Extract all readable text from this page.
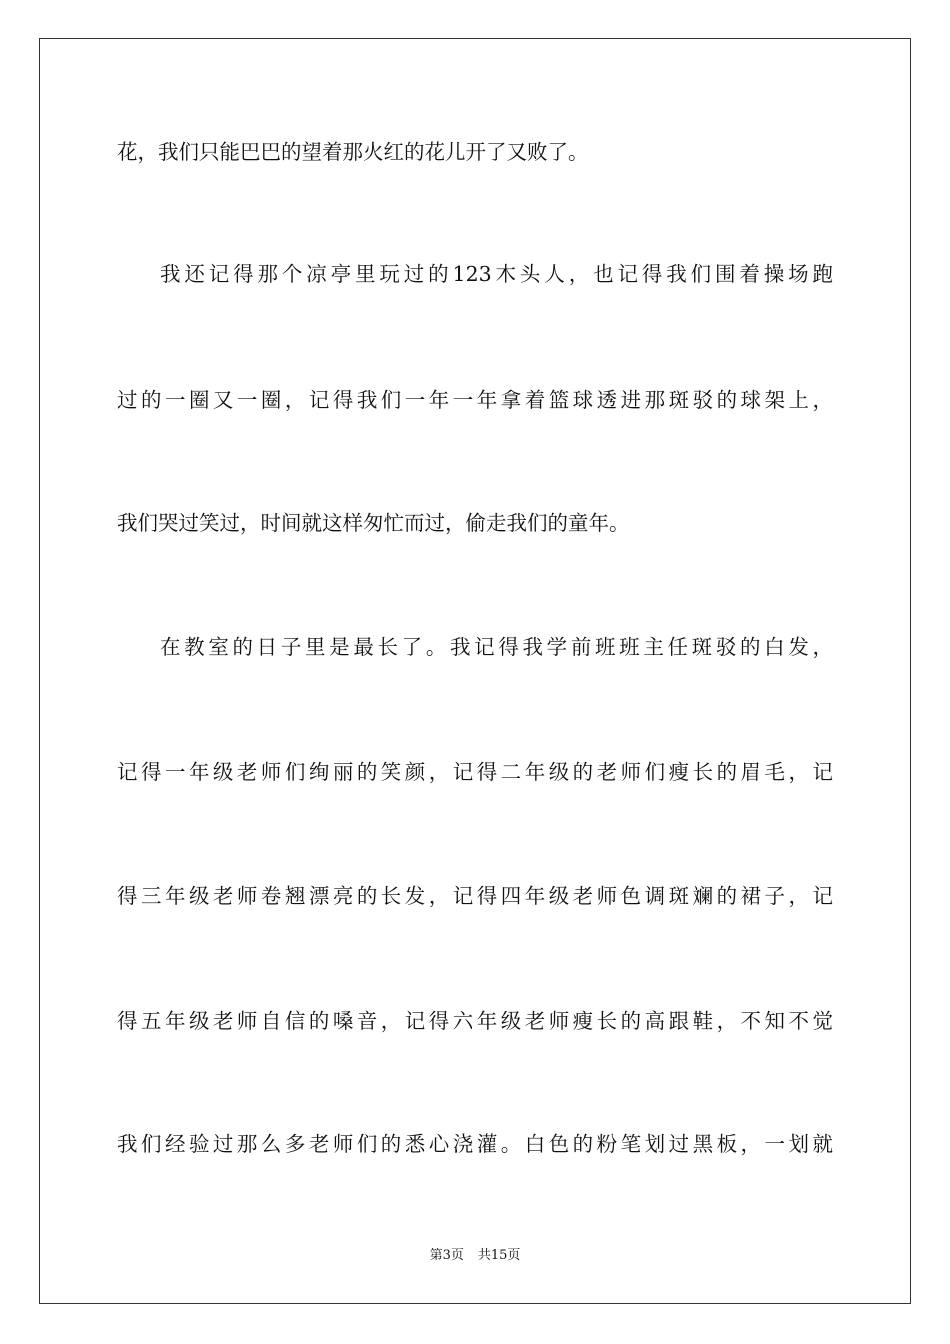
花，我们只能巴巴的望着那火红的花儿开了又败了。
我还记得那个凉亭里玩过的123木头人，也记得我们围着操场跑
过的一圈又一圈，记得我们一年一年拿着篮球透进那斑驳的球架上，
我们哭过笑过，时间就这样匆忙而过，偷走我们的童年。
在教室的日子里是最长了。我记得我学前班班主任斑驳的白发，
记得一年级老师们绚丽的笑颜，记得二年级的老师们瘦长的眉毛，记
得三年级老师卷翘漂亮的长发，记得四年级老师色调斑斓的裙子，记
得五年级老师自信的嗓音，记得六年级老师瘦长的高跟鞋，不知不觉
我们经验过那么多老师们的悉心浇灌。白色的粉笔划过黑板，一划就
第3页 共15页
